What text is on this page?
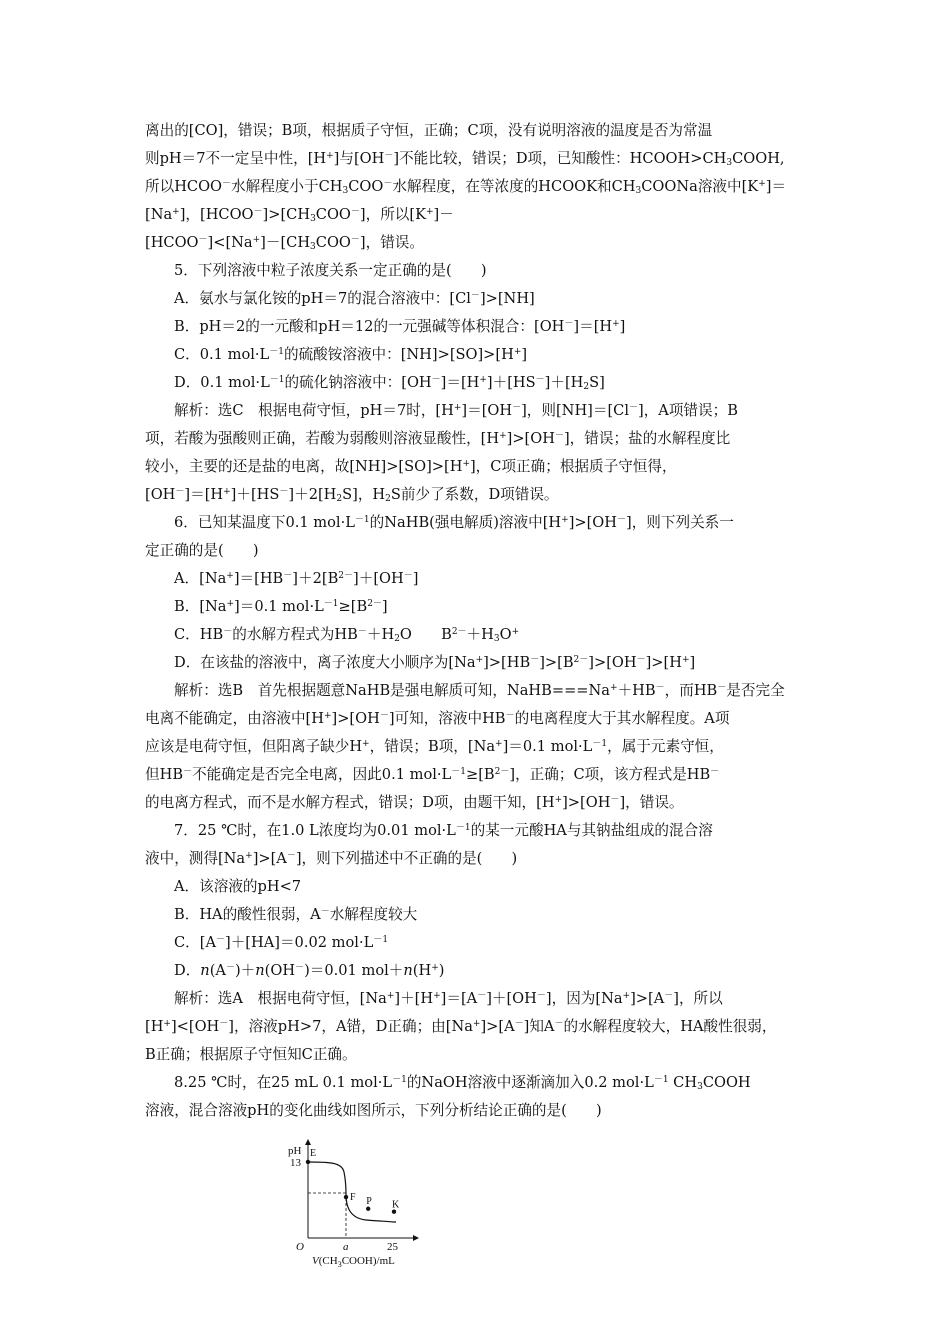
离出的[CO]，错误；B项，根据质子守恒，正确；C项，没有说明溶液的温度是否为常温
则pH＝7不一定呈中性，[H+]与[OH－]不能比较，错误；D项，已知酸性：$HCOOH>CH_3COOH$,
所以HCOO－水解程度小于$CH_3COO^-$水解程度，在等浓度的HCOOK和$CH_3COONa$溶液中[K+]＝
[Na+]，$[HCOO^-]>[CH_3COO^-]$，所以[K+]－
$[HCOO^-]<[Na^+]-[CH_3COO^-]$，错误。
5．下列溶液中粒子浓度关系一定正确的是(　　)
A．氨水与氯化铵的pH＝7的混合溶液中：[Cl－]>[NH]
B．pH＝2的一元酸和pH＝12的一元强碱等体积混合：[OH－]＝[H+]
C．0.1 $mol\cdot L^{-1}$的硫酸铵溶液中：[NH]>[SO]>[H+]
D．0.1 $mol\cdot L^{-1}$的硫化钠溶液中：$[OH^-]=[H^+]+[HS^-]+[H_2S]$
解析：选C　根据电荷守恒，pH＝7时，[H+]＝[OH－]，则[NH]＝[Cl－]，A项错误；B
项，若酸为强酸则正确，若酸为弱酸则溶液显酸性，[H+]>[OH－]，错误；盐的水解程度比
较小，主要的还是盐的电离，故[NH]>[SO]>[H+]，C项正确；根据质子守恒得，
$[OH^-]=[H^+]+[HS^-]+2[H_2S]$，$H_2S$前少了系数，D项错误。
6．已知某温度下0.1 $mol\cdot L^{-1}$的NaHB(强电解质)溶液中[H+]>[OH－]，则下列关系一
定正确的是(　　)
A．$[Na^+]=[HB^-]+2[B^{2-}]+[OH^-]$
B．[Na+]＝0.1 $mol\cdot L^{-1}\ge[B^{2-}]$
C．HB－的水解方程式为$HB^-+H_2O$　　$B^{2-}+H_3O^+$
D．在该盐的溶液中，离子浓度大小顺序为$[Na^+]>[HB^-]>[B^{2-}]>[OH^-]>[H^+]$
解析：选B　首先根据题意NaHB是强电解质可知，NaHB===Na+＋HB－，而HB－是否完全
电离不能确定，由溶液中[H+]>[OH－]可知，溶液中HB－的电离程度大于其水解程度。A项
应该是电荷守恒，但阳离子缺少H+，错误；B项，[Na+]＝0.1 $mol\cdot L^{-1}$，属于元素守恒，
但HB－不能确定是否完全电离，因此0.1 $mol\cdot L^{-1}\ge[B^{2-}]$，正确；C项，该方程式是HB－
的电离方程式，而不是水解方程式，错误；D项，由题干知，[H+]>[OH－]，错误。
7．25 ℃时，在1.0 L浓度均为0.01 $mol\cdot L^{-1}$的某一元酸HA与其钠盐组成的混合溶
液中，测得[Na+]>[A－]，则下列描述中不正确的是(　　)
A．该溶液的pH<7
B．HA的酸性很弱，A－水解程度较大
C．[A－]＋[HA]＝0.02 $mol\cdot L^{-1}$
D．n(A－)＋n(OH－)＝0.01 mol＋n(H+)
解析：选A　根据电荷守恒，[Na+]＋[H+]＝[A－]＋[OH－]，因为[Na+]>[A－]，所以
[H+]<[OH－]，溶液pH>7，A错，D正确；由[Na+]>[A－]知A－的水解程度较大，HA酸性很弱，
B正确；根据原子守恒知C正确。
8.25 ℃时，在25 mL 0.1 $mol\cdot L^{-1}$的NaOH溶液中逐渐滴加入0.2 $mol\cdot L^{-1}$ $CH_3COOH$
溶液，混合溶液pH的变化曲线如图所示，下列分析结论正确的是(　　)
pH
O
E
F P K
13
a	25
$V(CH_3COOH)/mL$
